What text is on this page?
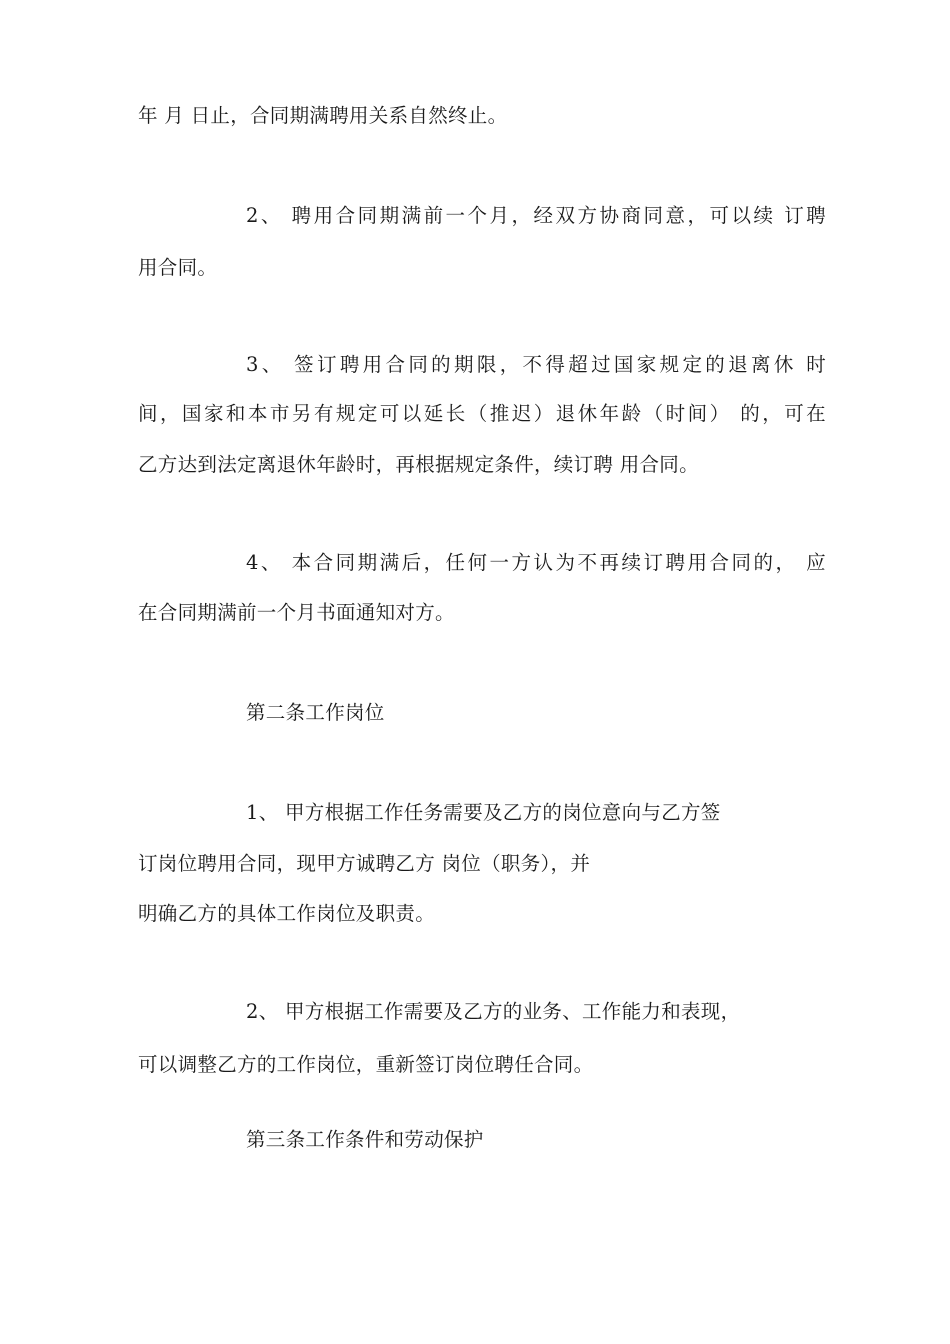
年 月 日止，合同期满聘用关系自然终止。
2、 聘用合同期满前一个月，经双方协商同意，可以续 订聘
用合同。
3、 签订聘用合同的期限，不得超过国家规定的退离休 时
间，国家和本市另有规定可以延长（推迟）退休年龄（时间） 的，可在
乙方达到法定离退休年龄时，再根据规定条件，续订聘 用合同。
4、 本合同期满后，任何一方认为不再续订聘用合同的， 应
在合同期满前一个月书面通知对方。
第二条工作岗位
1、 甲方根据工作任务需要及乙方的岗位意向与乙方签
订岗位聘用合同，现甲方诚聘乙方 岗位（职务），并
明确乙方的具体工作岗位及职责。
2、 甲方根据工作需要及乙方的业务、工作能力和表现，
可以调整乙方的工作岗位，重新签订岗位聘任合同。
第三条工作条件和劳动保护
